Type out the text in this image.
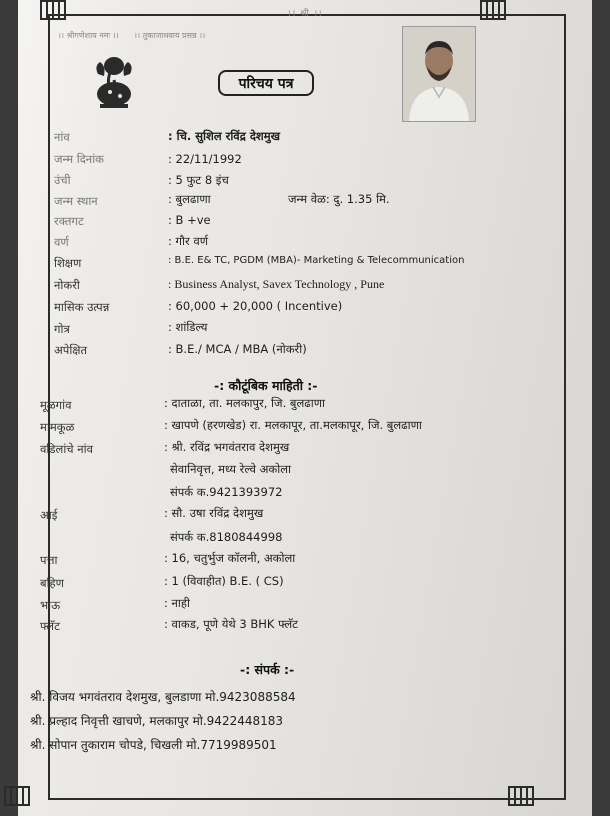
।। श्री ।।
।। श्रीगणेशाय नमः ।। ।। तुकाजाधवाय प्रसन्न ।।
परिचय पत्र
नांव	: चि. सुशिल रविंद्र देशमुख
जन्म दिनांक	: 22/11/1992
उंची	: 5 फुट 8 इंच
जन्म स्थान	: बुलढाणा	जन्म वेळ: दु. 1.35 मि.
रक्तगट	: B +ve
वर्ण	: गौर वर्ण
शिक्षण	: B.E. E& TC, PGDM (MBA)- Marketing & Telecommunication
नोकरी	: Business Analyst, Savex Technology , Pune
मासिक उत्पन्न	: 60,000 + 20,000 ( Incentive)
गोत्र	: शांडिल्य
अपेक्षित	: B.E./ MCA / MBA (नोकरी)
-: कौटूंबिक माहिती :-
मूळगांव	: दाताळा, ता. मलकापुर, जि. बुलढाणा
मामकूळ	: खापणे (हरणखेड) रा. मलकापूर, ता.मलकापूर, जि. बुलढाणा
वडिलांचे नांव	: श्री. रविंद्र भगवंतराव देशमुख
सेवानिवृत्त, मध्य रेल्वे अकोला
संपर्क क.9421393972
आई	: सौ. उषा रविंद्र देशमुख
संपर्क क.8180844998
पत्ता	: 16, चतुर्भुज कॉलनी, अकोला
बहिण	: 1 (विवाहीत) B.E. ( CS)
भाऊ	: नाही
फ्लॅट	: वाकड, पूणे येथे 3 BHK फ्लॅट
-: संपर्क :-
श्री. विजय भगवंतराव देशमुख, बुलडाणा मो.9423088584
श्री. प्रल्हाद निवृत्ती खाचणे, मलकापुर मो.9422448183
श्री. सोपान तुकाराम चोपडे, चिखली मो.7719989501
